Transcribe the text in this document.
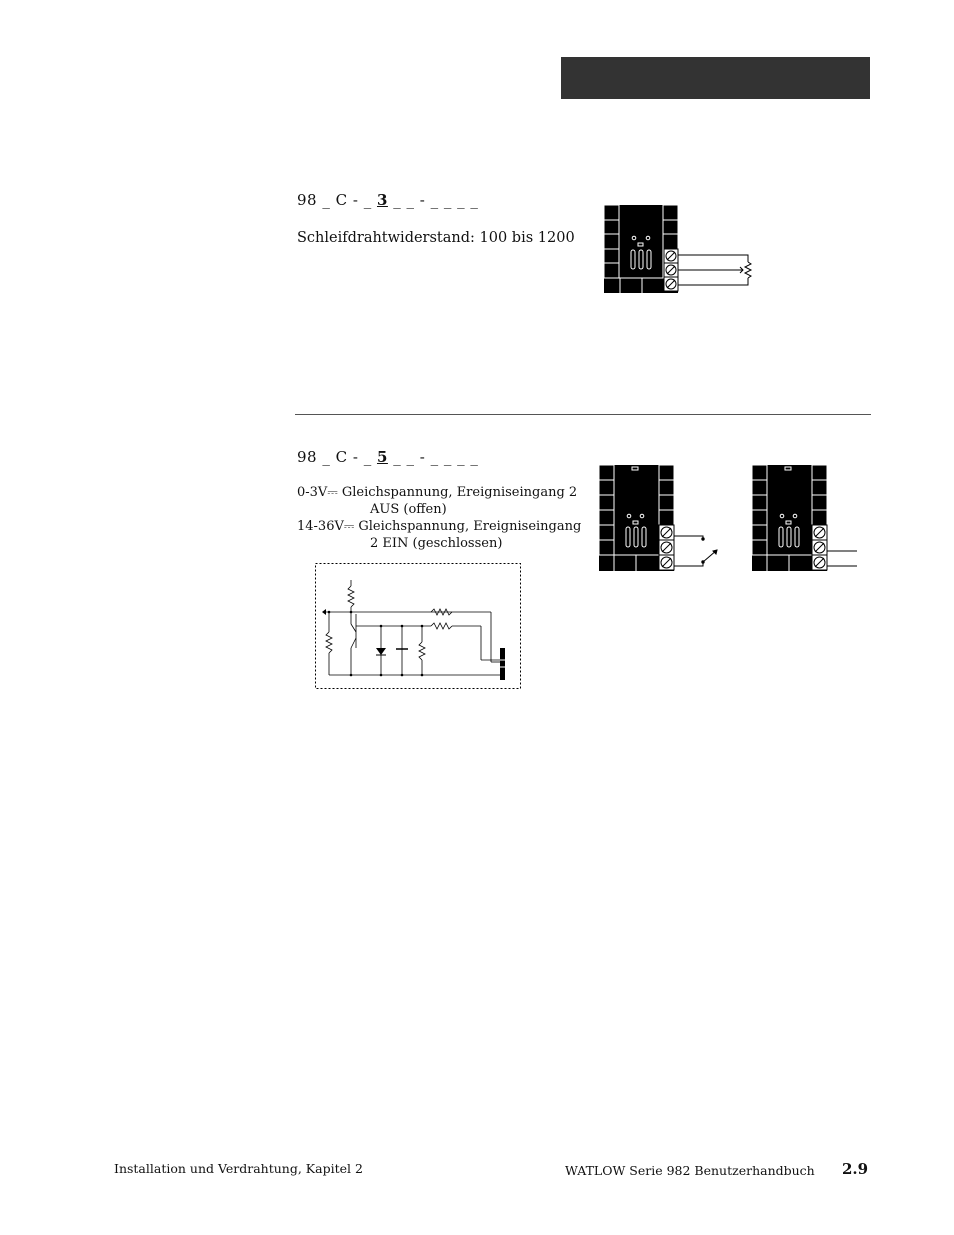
98 _ C - _ 3 _ _ - _ _ _ _
Schleifdrahtwiderstand: 100 bis 1200
98 _ C - _ 5 _ _ - _ _ _ _
0-3V⎓ Gleichspannung, Ereigniseingang 2
AUS (offen)
14-36V⎓ Gleichspannung, Ereigniseingang
2 EIN (geschlossen)
Installation und Verdrahtung, Kapitel 2	WATLOW Serie 982 Benutzerhandbuch 2.9
